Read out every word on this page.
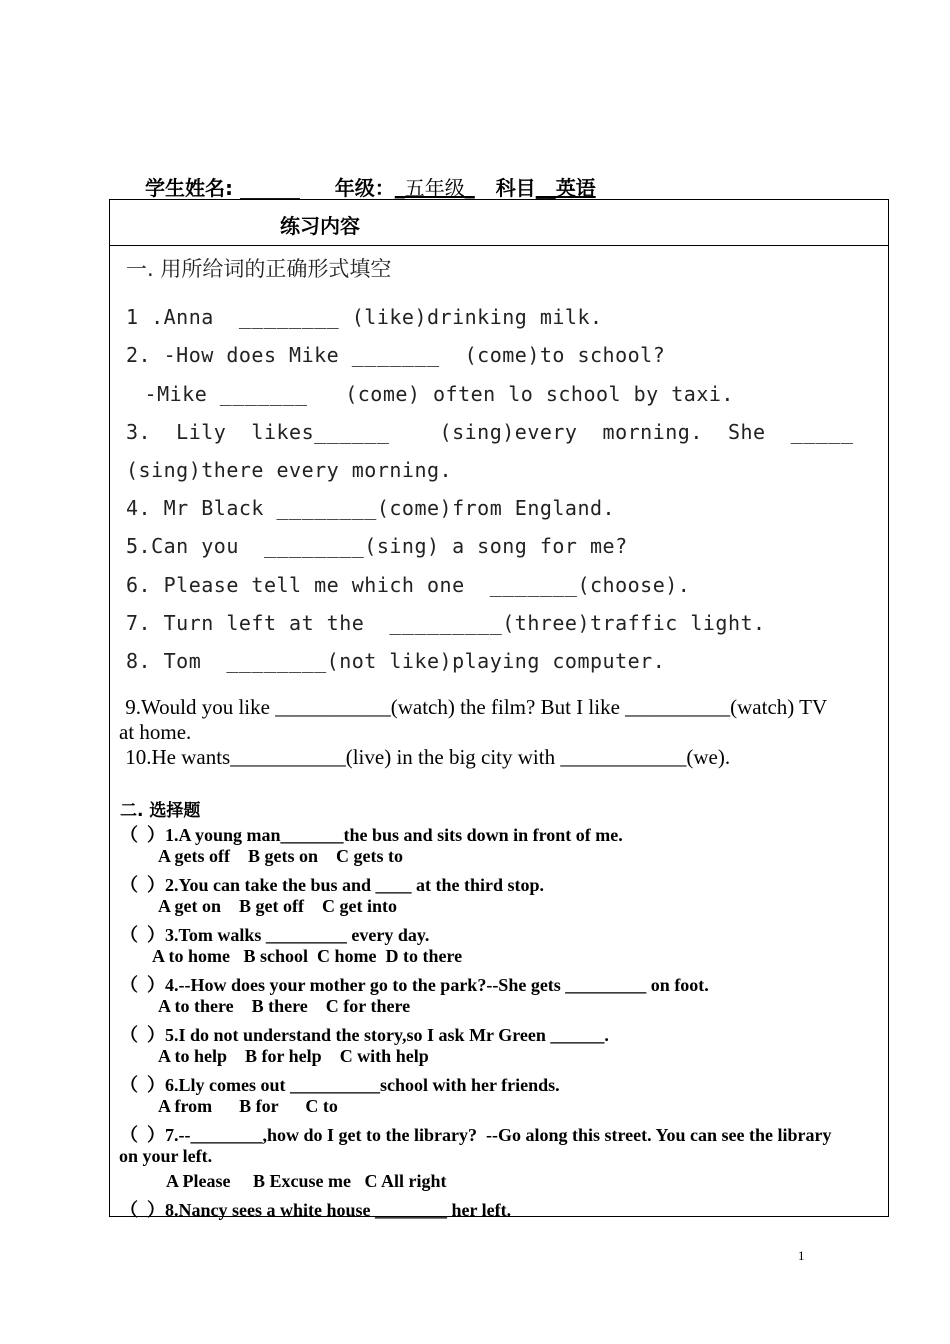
学生姓名: ______ 年级：_五年级_ 科目__英语
练习内容
一. 用所给词的正确形式填空
1 .Anna  ________ (like)drinking milk.
2. -How does Mike _______  (come)to school?
-Mike _______   (come) often lo school by taxi.
3.  Lily  likes______    (sing)every  morning.  She  _____
(sing)there every morning.
4. Mr Black ________(come)from England.
5.Can you  ________(sing) a song for me?
6. Please tell me which one  _______(choose).
7. Turn left at the  _________(three)traffic light.
8. Tom  ________(not like)playing computer.
9.Would you like ___________(watch) the film? But I like __________(watch) TV
at home.
10.He wants___________(live) in the big city with ____________(we).
二. 选择题
（  ）1.A young man_______the bus and sits down in front of me.
A gets off    B gets on    C gets to
（  ）2.You can take the bus and ____ at the third stop.
A get on    B get off    C get into
（  ）3.Tom walks _________ every day.
A to home   B school  C home  D to there
（  ）4.--How does your mother go to the park?--She gets _________ on foot.
A to there    B there    C for there
（  ）5.I do not understand the story,so I ask Mr Green ______.
A to help    B for help    C with help
（  ）6.Lly comes out __________school with her friends.
A from      B for      C to
（  ）7.--________,how do I get to the library?  --Go along this street. You can see the library
on your left.
A Please     B Excuse me   C All right
（  ）8.Nancy sees a white house ________ her left.
1
